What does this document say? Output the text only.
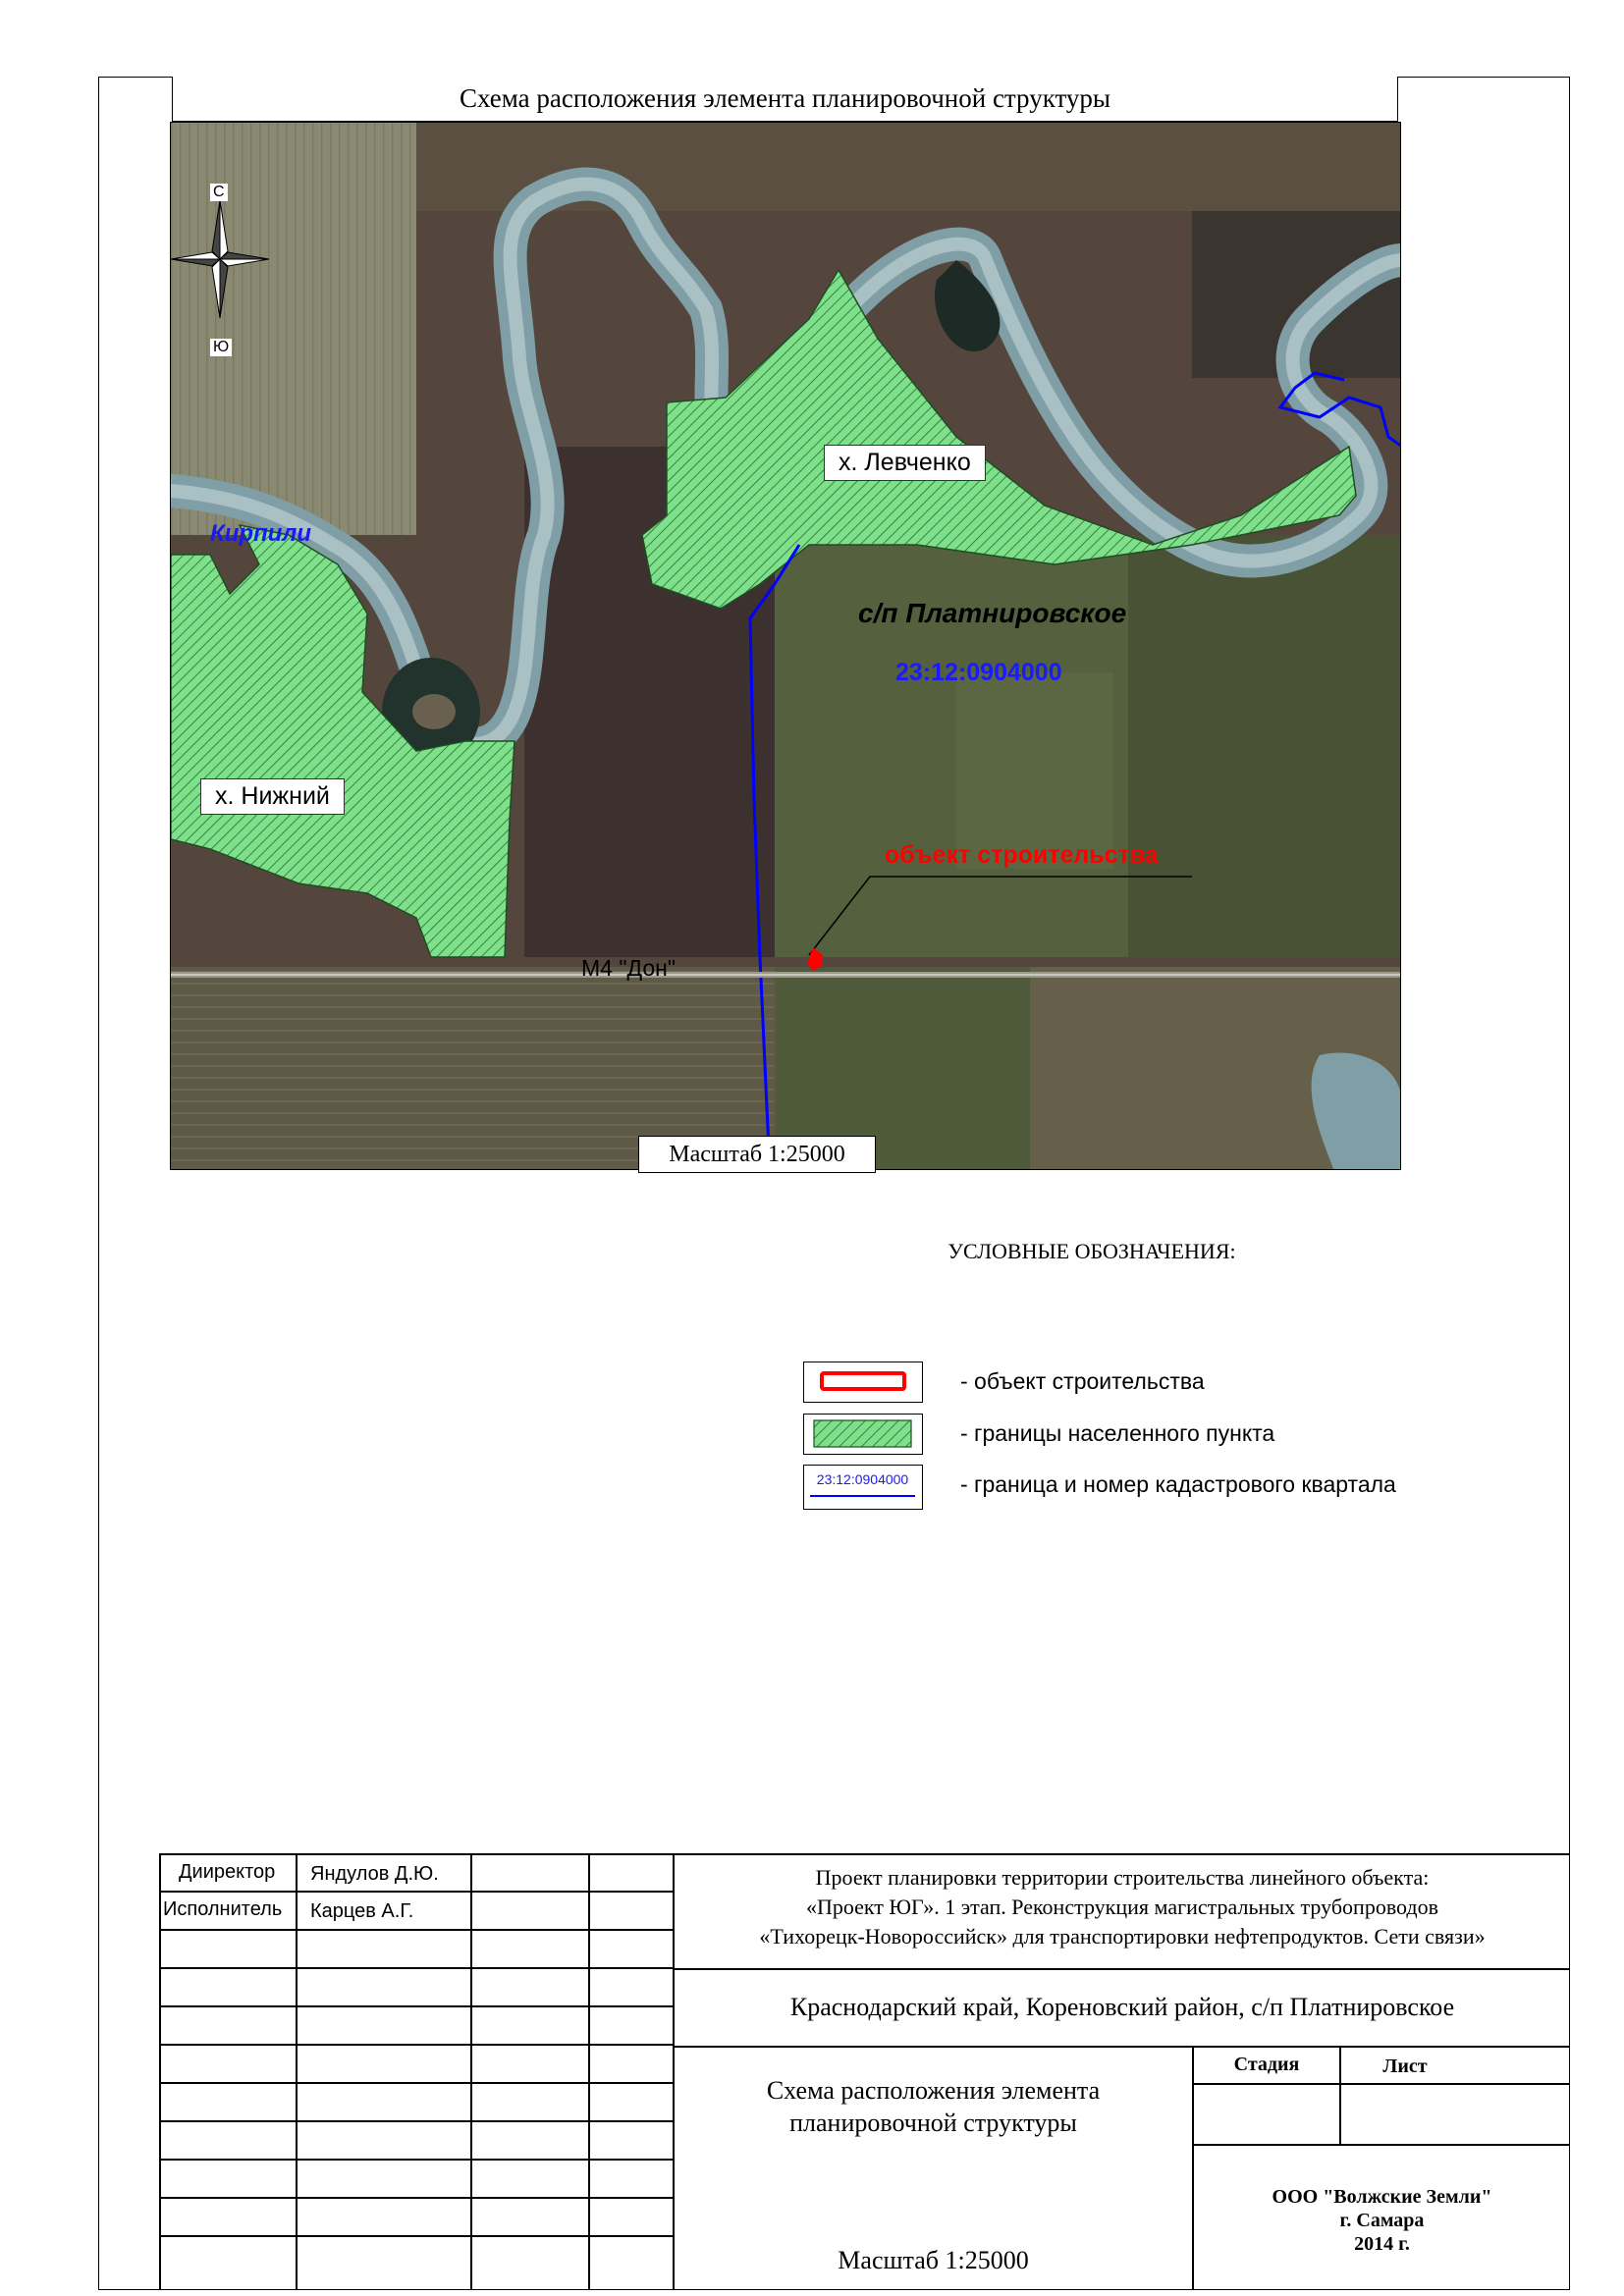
Схема расположения элемента планировочной структуры
С
Ю
Кирпили
х. Левченко
х. Нижний
с/п Платнировское
23:12:0904000
объект строительства
М4 "Дон"
Масштаб 1:25000
УСЛОВНЫЕ ОБОЗНАЧЕНИЯ:
- объект строительства
- границы населенного пункта
23:12:0904000	- граница и номер кадастрового квартала
Дииректор Яндулов Д.Ю.
Исполнитель Карцев А.Г.
Проект планировки территории строительства линейного объекта:
«Проект ЮГ». 1 этап. Реконструкция магистральных трубопроводов
«Тихорецк-Новороссийск» для транспортировки нефтепродуктов. Сети связи»
Краснодарский край, Кореновский район, с/п Платнировское
Схема расположения элемента
планировочной структуры
Масштаб 1:25000
Стадия	Лист
ООО "Волжские Земли"
г. Самара
2014 г.
